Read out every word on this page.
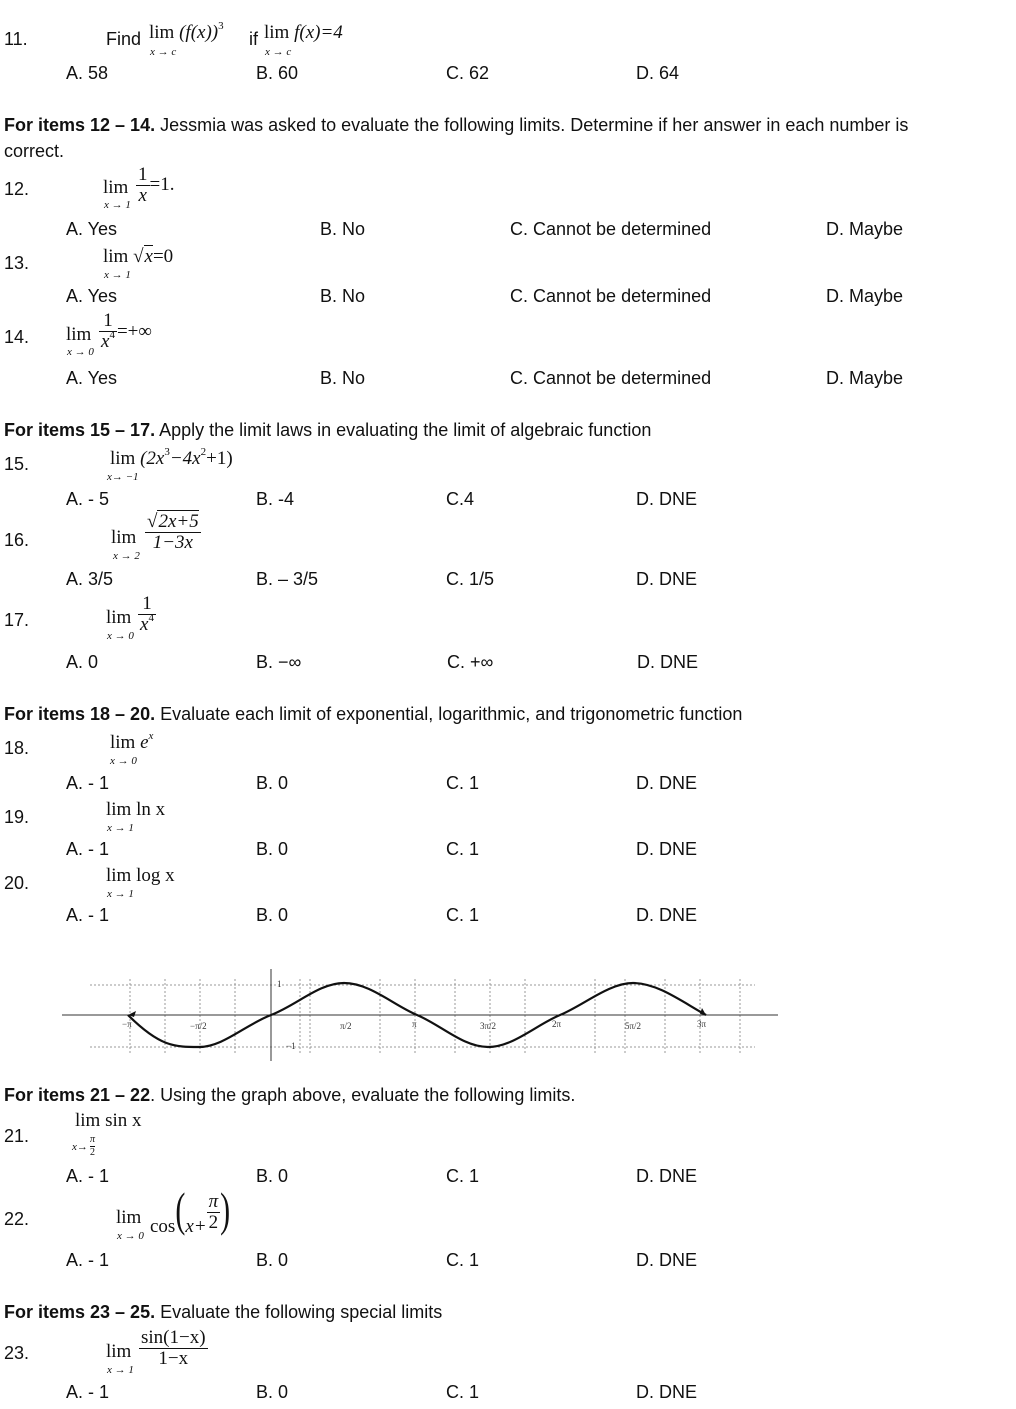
11.	Find $\lim (f(x))^3$
x → c
if lim f(x)=4
x → c
A. 58	B. 60	C. 62	D. 64
For items 12 – 14. Jessmia was asked to evaluate the following limits. Determine if her answer in each number is
correct.
12.	lim
$x \to 1 \frac{1}{x} =1$.
A. Yes	B. No	C. Cannot be determined	D. Maybe
13.	lim √x=0
x → 1
A. Yes	B. No	C. Cannot be determined	D. Maybe
14. lim
$x \to 0 \frac{1}{x^4}$ =+∞
A. Yes	B. No	C. Cannot be determined	D. Maybe
For items 15 – 17. Apply the limit laws in evaluating the limit of algebraic function
15.	$\lim (2x^3-4x^2+1)$
x→ −1
A. - 5	B. -4	C.4	D. DNE
16.	lim
x → 2
$\frac{√2x+5}{1-3x}$
A. 3/5	B. – 3/5	C. 1/5	D. DNE
17.	lim
$x \to 0 \frac{1}{x^4}$
A. 0	B. −∞	C. +∞	D. DNE
For items 18 – 20. Evaluate each limit of exponential, logarithmic, and trigonometric function
18.	$\lim e^x$
x → 0
A. - 1	B. 0	C. 1	D. DNE
19.	lim ln x
x → 1
A. - 1	B. 0	C. 1	D. DNE
20.	lim log x
x → 1
A. - 1	B. 0	C. 1	D. DNE
1
−1
−π	−π/2	π/2	π	3π/2	2π	5π/2	3π
For items 21 – 22. Using the graph above, evaluate the following limits.
21.
lim sin x
$x\to \frac{\pi}{2}$
A. - 1	B. 0	C. 1	D. DNE
22.	lim
x → 0 $\cos(x+ \frac{\pi}{2}$ )
A. - 1	B. 0	C. 1	D. DNE
For items 23 – 25. Evaluate the following special limits
23.	lim
x → 1
$\frac{\sin(1-x)}{1-x}$
A. - 1	B. 0	C. 1	D. DNE
